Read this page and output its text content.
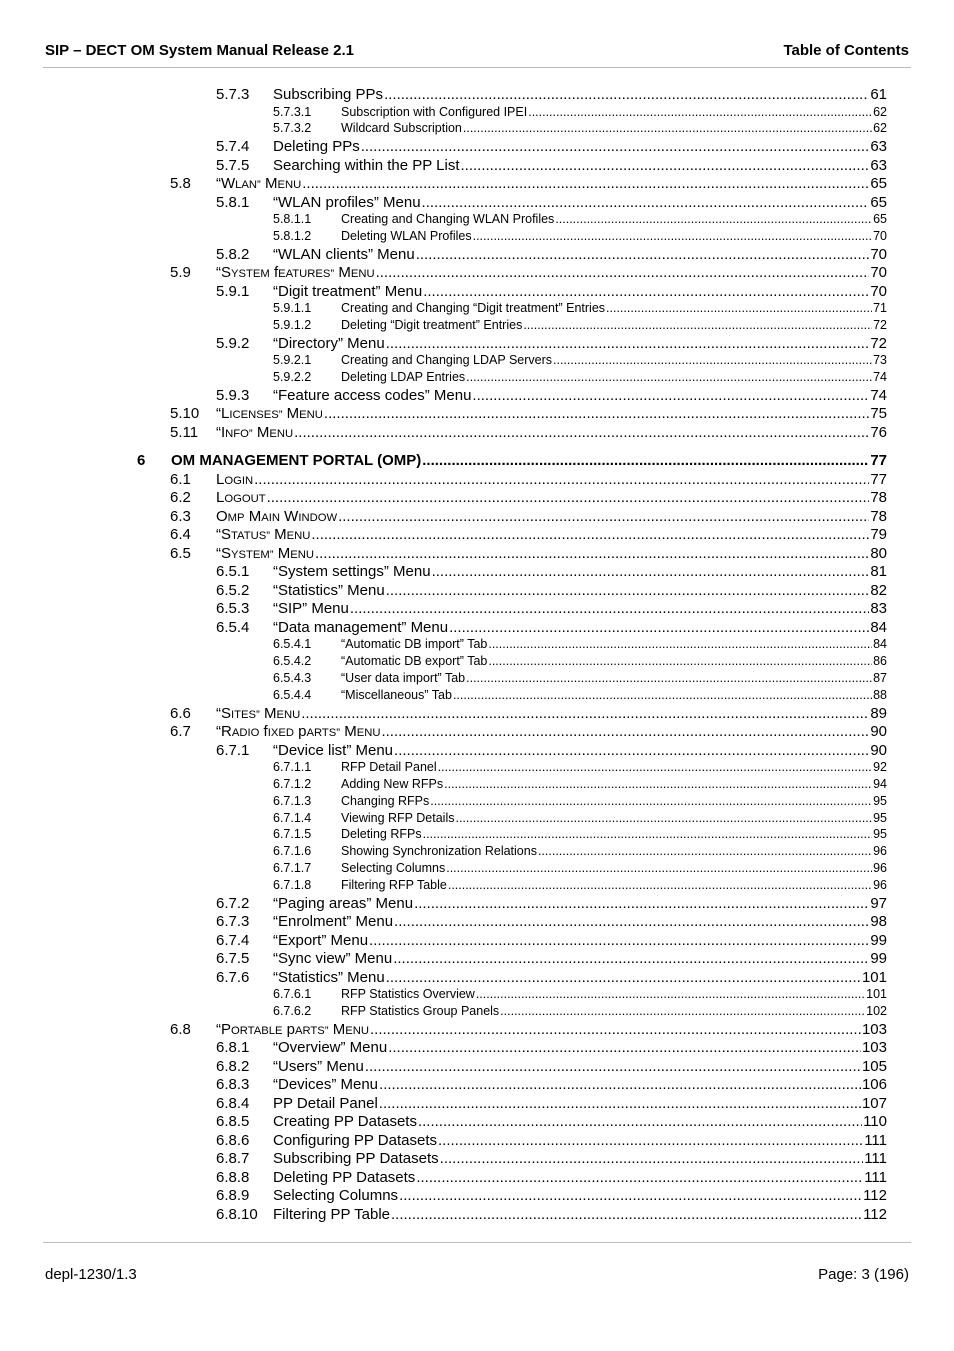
SIP – DECT OM System Manual Release 2.1	Table of Contents
5.7.3	Subscribing PPs .....	61
5.7.3.1	Subscription with Configured IPEI .....	62
5.7.3.2	Wildcard Subscription .....	62
5.7.4	Deleting PPs .....	63
5.7.5	Searching within the PP List .....	63
5.8	“WLAN” MENU .....	65
5.8.1	“WLAN profiles” Menu .....	65
5.8.1.1	Creating and Changing WLAN Profiles .....	65
5.8.1.2	Deleting WLAN Profiles .....	70
5.8.2	“WLAN clients” Menu .....	70
5.9	“SYSTEM fEATURES” MENU .....	70
5.9.1	“Digit treatment” Menu .....	70
5.9.1.1	Creating and Changing “Digit treatment” Entries .....	71
5.9.1.2	Deleting “Digit treatment” Entries .....	72
5.9.2	“Directory” Menu .....	72
5.9.2.1	Creating and Changing LDAP Servers .....	73
5.9.2.2	Deleting LDAP Entries .....	74
5.9.3	“Feature access codes” Menu .....	74
5.10	“LICENSES” MENU .....	75
5.11	“INFO” MENU .....	76
6	OM MANAGEMENT PORTAL (OMP) .....	77
6.1	LOGIN .....	77
6.2	LOGOUT .....	78
6.3	OMP MAIN WINDOW .....	78
6.4	“STATUS” MENU .....	79
6.5	“SYSTEM” MENU .....	80
6.5.1	“System settings” Menu .....	81
6.5.2	“Statistics” Menu .....	82
6.5.3	“SIP” Menu .....	83
6.5.4	“Data management” Menu .....	84
6.5.4.1	“Automatic DB import” Tab .....	84
6.5.4.2	“Automatic DB export” Tab .....	86
6.5.4.3	“User data import” Tab .....	87
6.5.4.4	“Miscellaneous” Tab .....	88
6.6	“SITES” MENU .....	89
6.7	“RADIO fIXED pARTS” MENU .....	90
6.7.1	“Device list” Menu .....	90
6.7.1.1	RFP Detail Panel .....	92
6.7.1.2	Adding New RFPs .....	94
6.7.1.3	Changing RFPs .....	95
6.7.1.4	Viewing RFP Details .....	95
6.7.1.5	Deleting RFPs .....	95
6.7.1.6	Showing Synchronization Relations .....	96
6.7.1.7	Selecting Columns .....	96
6.7.1.8	Filtering RFP Table .....	96
6.7.2	“Paging areas” Menu .....	97
6.7.3	“Enrolment” Menu .....	98
6.7.4	“Export” Menu .....	99
6.7.5	“Sync view” Menu .....	99
6.7.6	“Statistics” Menu .....	101
6.7.6.1	RFP Statistics Overview .....	101
6.7.6.2	RFP Statistics Group Panels .....	102
6.8	“PORTABLE pARTS” MENU .....	103
6.8.1	“Overview” Menu .....	103
6.8.2	“Users” Menu .....	105
6.8.3	“Devices” Menu .....	106
6.8.4	PP Detail Panel .....	107
6.8.5	Creating PP Datasets .....	110
6.8.6	Configuring PP Datasets .....	111
6.8.7	Subscribing PP Datasets .....	111
6.8.8	Deleting PP Datasets .....	111
6.8.9	Selecting Columns .....	112
6.8.10	Filtering PP Table .....	112
depl-1230/1.3	Page: 3 (196)
